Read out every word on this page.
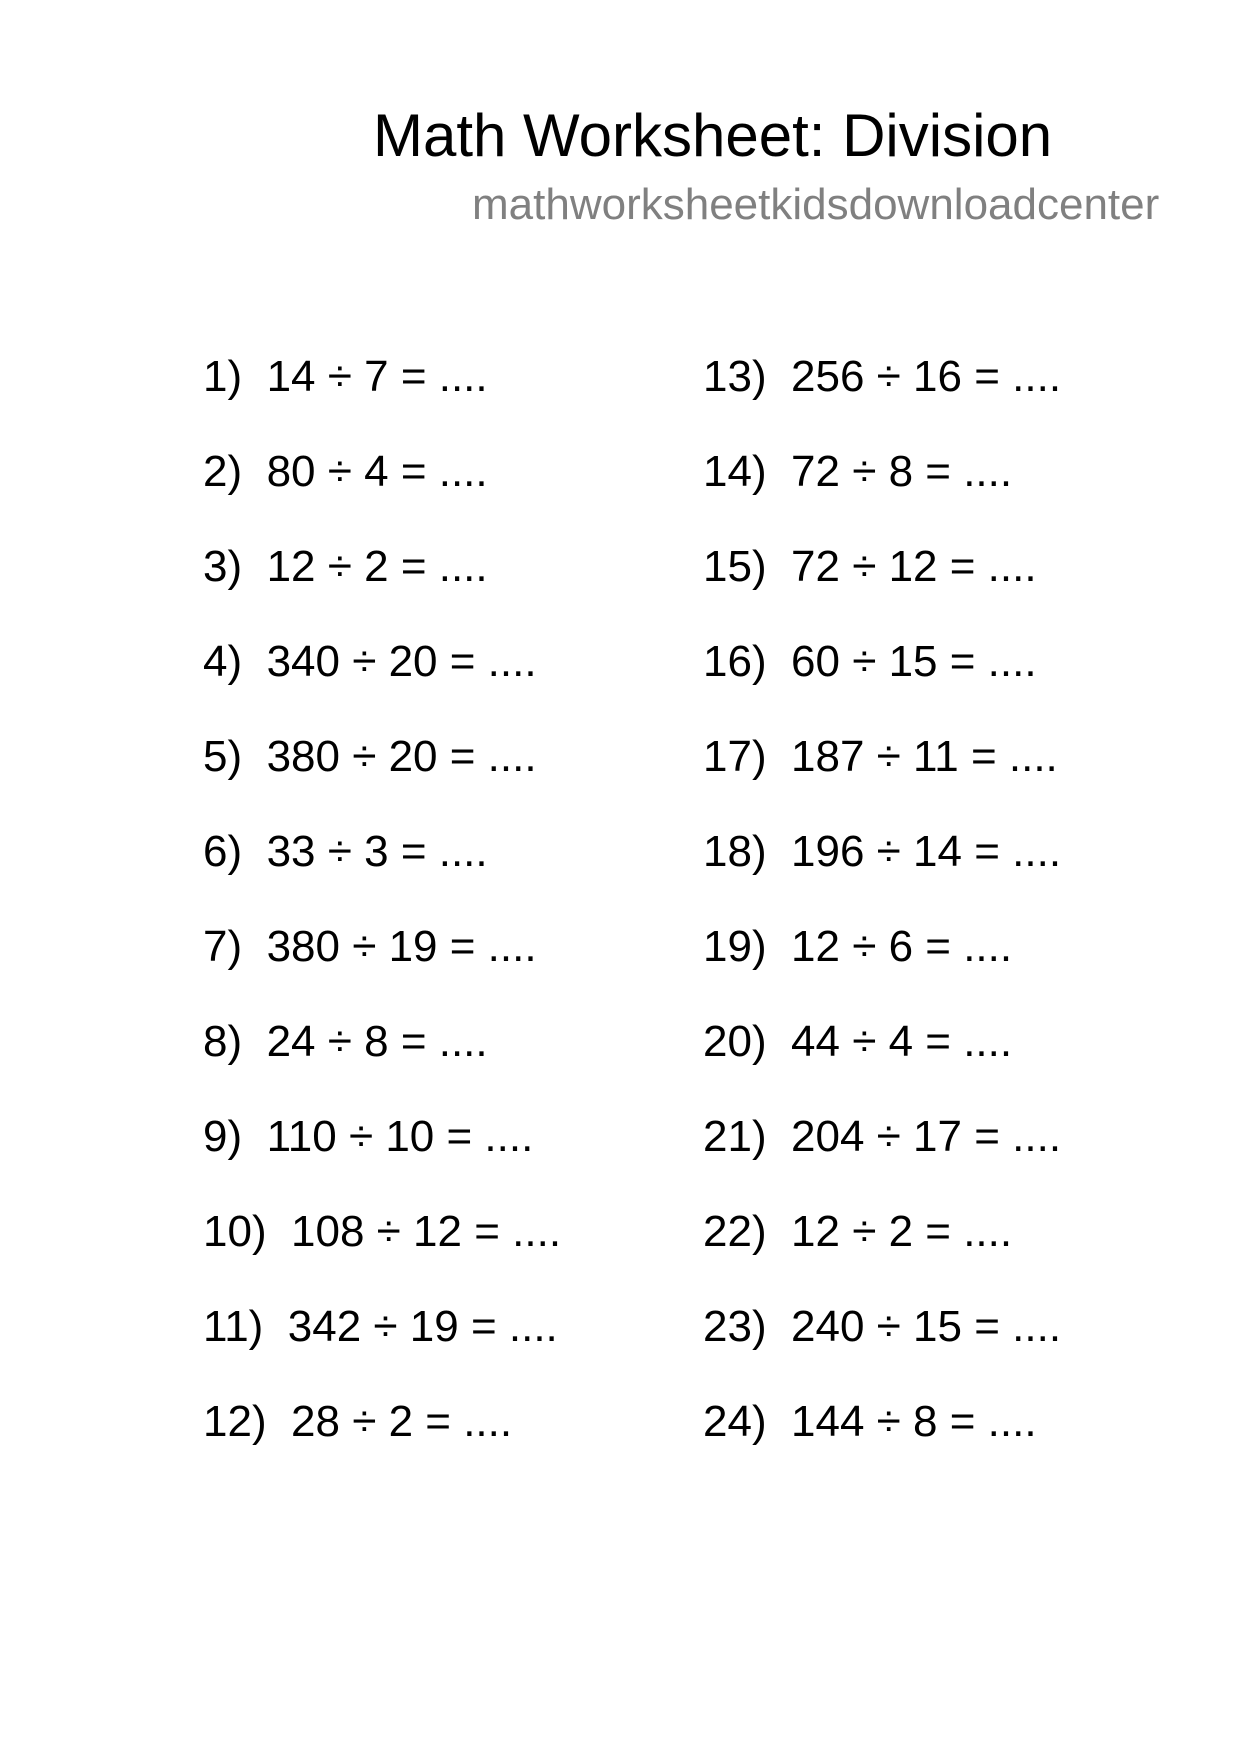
Math Worksheet: Division
mathworksheetkidsdownloadcenter
1) 14 ÷ 7 = ....
2) 80 ÷ 4 = ....
3) 12 ÷ 2 = ....
4) 340 ÷ 20 = ....
5) 380 ÷ 20 = ....
6) 33 ÷ 3 = ....
7) 380 ÷ 19 = ....
8) 24 ÷ 8 = ....
9) 110 ÷ 10 = ....
10) 108 ÷ 12 = ....
11) 342 ÷ 19 = ....
12) 28 ÷ 2 = ....
13) 256 ÷ 16 = ....
14) 72 ÷ 8 = ....
15) 72 ÷ 12 = ....
16) 60 ÷ 15 = ....
17) 187 ÷ 11 = ....
18) 196 ÷ 14 = ....
19) 12 ÷ 6 = ....
20) 44 ÷ 4 = ....
21) 204 ÷ 17 = ....
22) 12 ÷ 2 = ....
23) 240 ÷ 15 = ....
24) 144 ÷ 8 = ....
